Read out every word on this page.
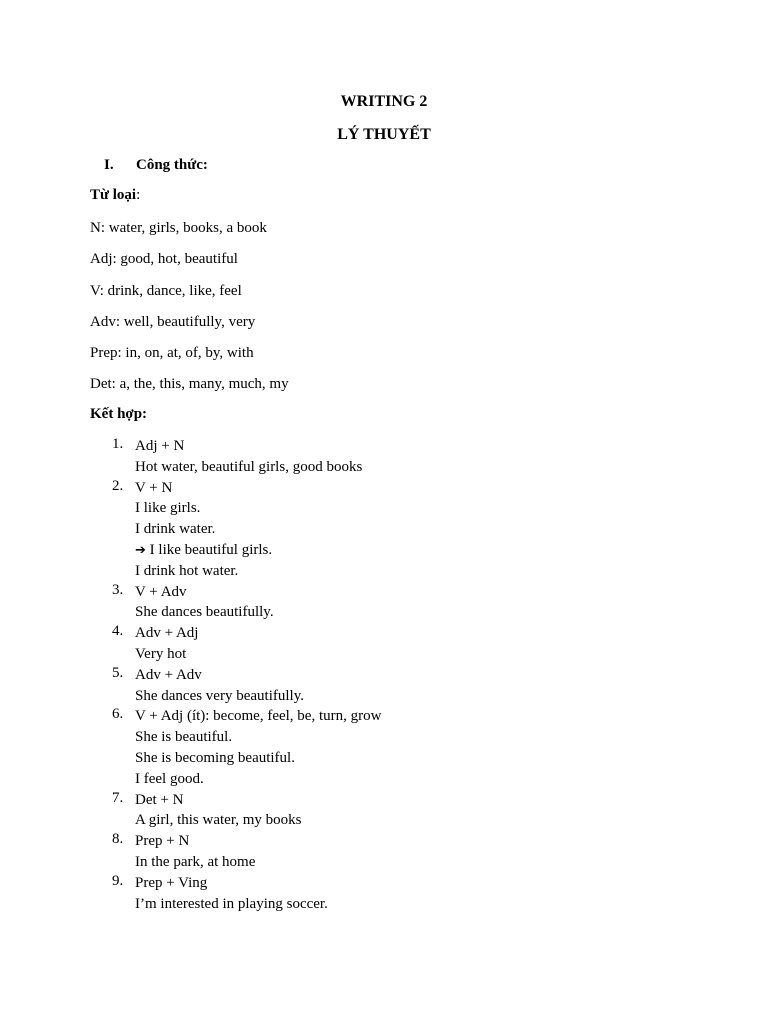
WRITING 2
LÝ THUYẾT
I. Công thức:
Từ loại:
N: water, girls, books, a book
Adj: good, hot, beautiful
V: drink, dance, like, feel
Adv: well, beautifully, very
Prep: in, on, at, of, by, with
Det: a, the, this, many, much, my
Kết hợp:
1. Adj + N
Hot water, beautiful girls, good books
2. V + N
I like girls.
I drink water.
➔ I like beautiful girls.
I drink hot water.
3. V + Adv
She dances beautifully.
4. Adv + Adj
Very hot
5. Adv + Adv
She dances very beautifully.
6. V + Adj (ít): become, feel, be, turn, grow
She is beautiful.
She is becoming beautiful.
I feel good.
7. Det + N
A girl, this water, my books
8. Prep + N
In the park, at home
9. Prep + Ving
I’m interested in playing soccer.
